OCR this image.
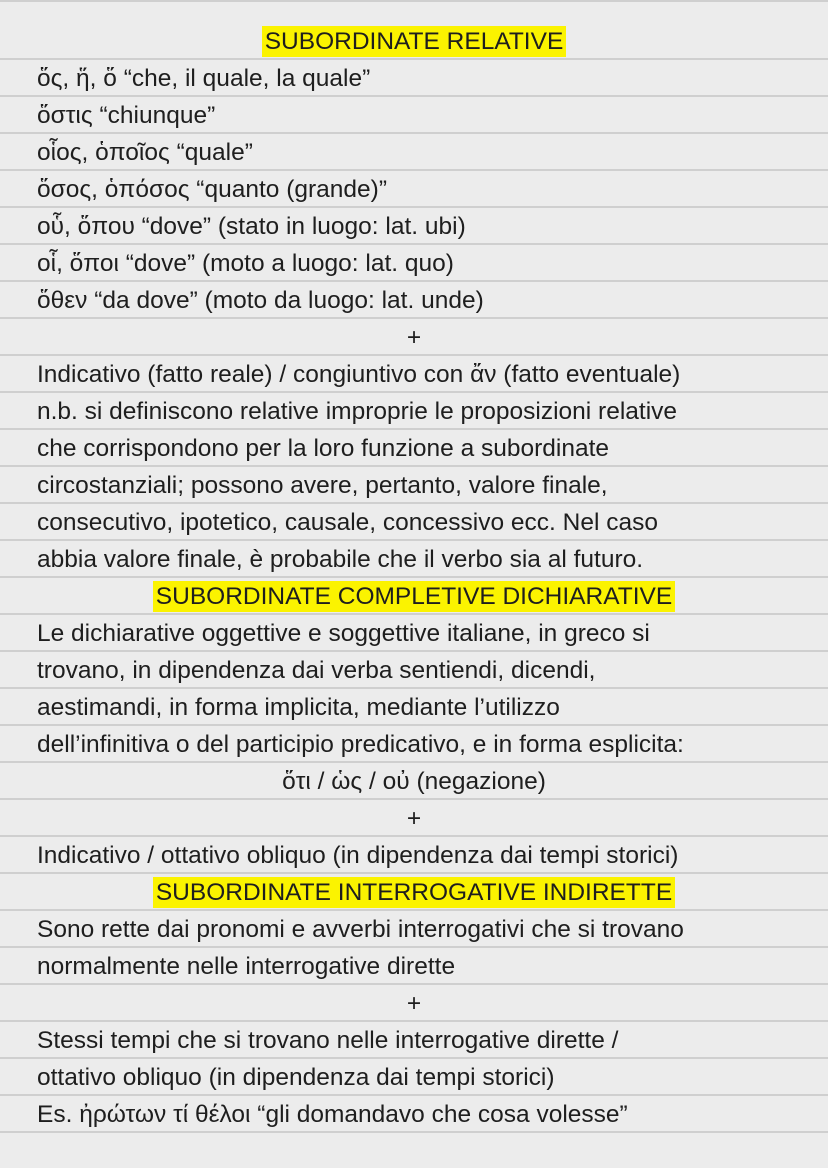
SUBORDINATE RELATIVE
ὅς, ἥ, ὅ “che, il quale, la quale”
ὅστις “chiunque”
οἷος, ὁποῖος “quale”
ὅσος, ὁπόσος “quanto (grande)”
οὗ, ὅπου “dove” (stato in luogo: lat. ubi)
οἷ, ὅποι “dove” (moto a luogo: lat. quo)
ὅθεν “da dove” (moto da luogo: lat. unde)
+
Indicativo (fatto reale) / congiuntivo con ἄν (fatto eventuale)
n.b. si definiscono relative improprie le proposizioni relative
che corrispondono per la loro funzione a subordinate
circostanziali; possono avere, pertanto, valore finale,
consecutivo, ipotetico, causale, concessivo ecc. Nel caso
abbia valore finale, è probabile che il verbo sia al futuro.
SUBORDINATE COMPLETIVE DICHIARATIVE
Le dichiarative oggettive e soggettive italiane, in greco si
trovano, in dipendenza dai verba sentiendi, dicendi,
aestimandi, in forma implicita, mediante l’utilizzo
dell’infinitiva o del participio predicativo, e in forma esplicita:
ὅτι / ὡς / οὐ (negazione)
+
Indicativo / ottativo obliquo (in dipendenza dai tempi storici)
SUBORDINATE INTERROGATIVE INDIRETTE
Sono rette dai pronomi e avverbi interrogativi che si trovano
normalmente nelle interrogative dirette
+
Stessi tempi che si trovano nelle interrogative dirette /
ottativo obliquo (in dipendenza dai tempi storici)
Es. ἠρώτων τί θέλοι “gli domandavo che cosa volesse”
